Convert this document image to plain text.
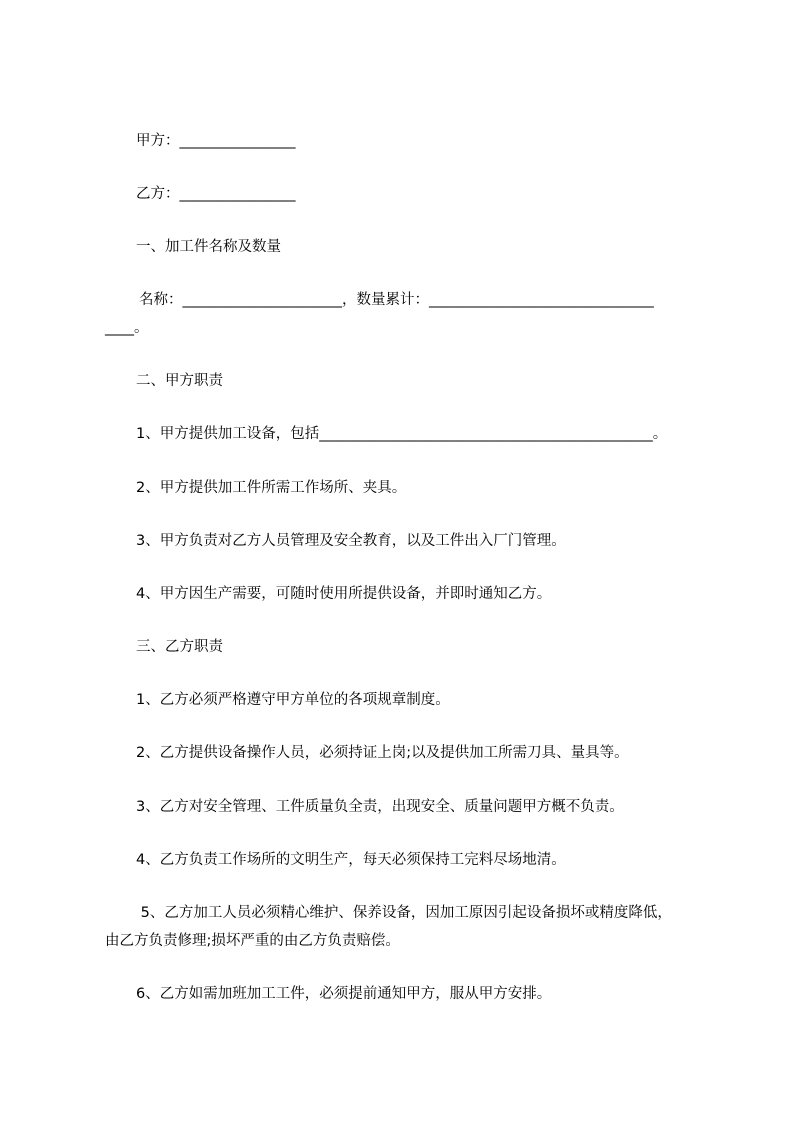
甲方：________________

乙方：________________

一、加工件名称及数量

名称：______________________，数量累计：_______________________________

____。

二、甲方职责

1、甲方提供加工设备，包括______________________________________________。

2、甲方提供加工件所需工作场所、夹具。

3、甲方负责对乙方人员管理及安全教育，以及工件出入厂门管理。

4、甲方因生产需要，可随时使用所提供设备，并即时通知乙方。

三、乙方职责

1、乙方必须严格遵守甲方单位的各项规章制度。

2、乙方提供设备操作人员，必须持证上岗;以及提供加工所需刀具、量具等。

3、乙方对安全管理、工件质量负全责，出现安全、质量问题甲方概不负责。

4、乙方负责工作场所的文明生产，每天必须保持工完料尽场地清。

5、乙方加工人员必须精心维护、保养设备，因加工原因引起设备损坏或精度降低，

由乙方负责修理;损坏严重的由乙方负责赔偿。

6、乙方如需加班加工工件，必须提前通知甲方，服从甲方安排。
